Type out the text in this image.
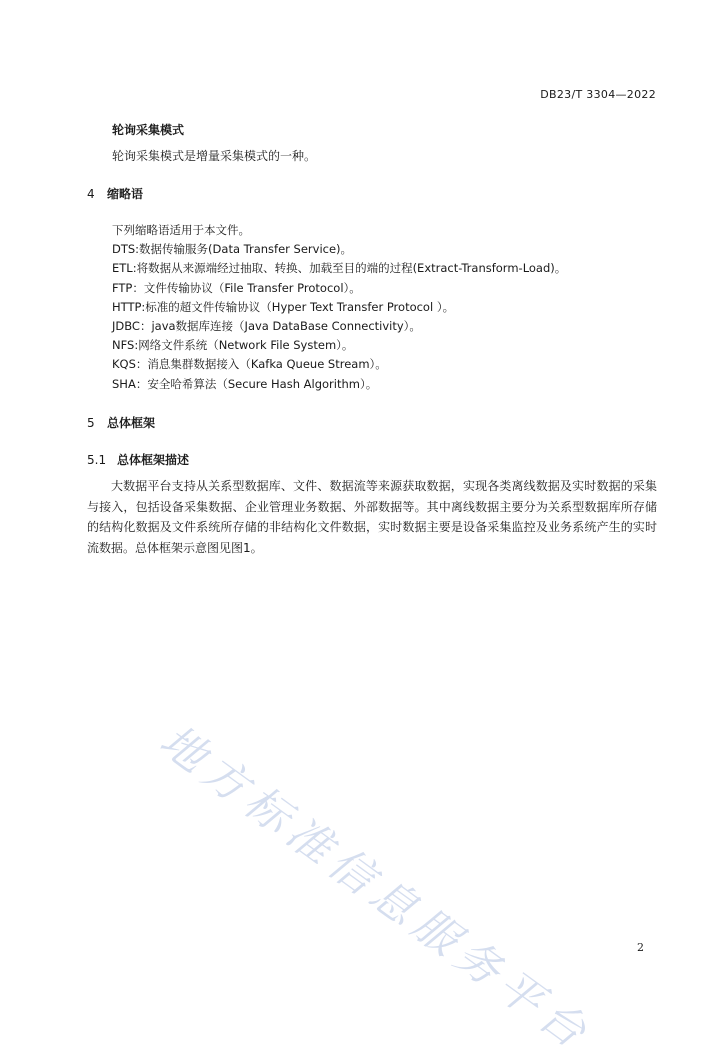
DB23/T 3304—2022
轮询采集模式
轮询采集模式是增量采集模式的一种。
4 缩略语
下列缩略语适用于本文件。
DTS:数据传输服务(Data Transfer Service)。
ETL:将数据从来源端经过抽取、转换、加载至目的端的过程(Extract-Transform-Load)。
FTP：文件传输协议（File Transfer Protocol）。
HTTP:标准的超文件传输协议（Hyper Text Transfer Protocol ）。
JDBC：java数据库连接（Java DataBase Connectivity）。
NFS:网络文件系统（Network File System）。
KQS：消息集群数据接入（Kafka Queue Stream）。
SHA：安全哈希算法（Secure Hash Algorithm）。
5 总体框架
5.1 总体框架描述

大数据平台支持从关系型数据库、文件、数据流等来源获取数据，实现各类离线数据及实时数据的采集与接入，包括设备采集数据、企业管理业务数据、外部数据等。其中离线数据主要分为关系型数据库所存储的结构化数据及文件系统所存储的非结构化文件数据，实时数据主要是设备采集监控及业务系统产生的实时流数据。总体框架示意图见图1。

地方标准信息服务平台	2
